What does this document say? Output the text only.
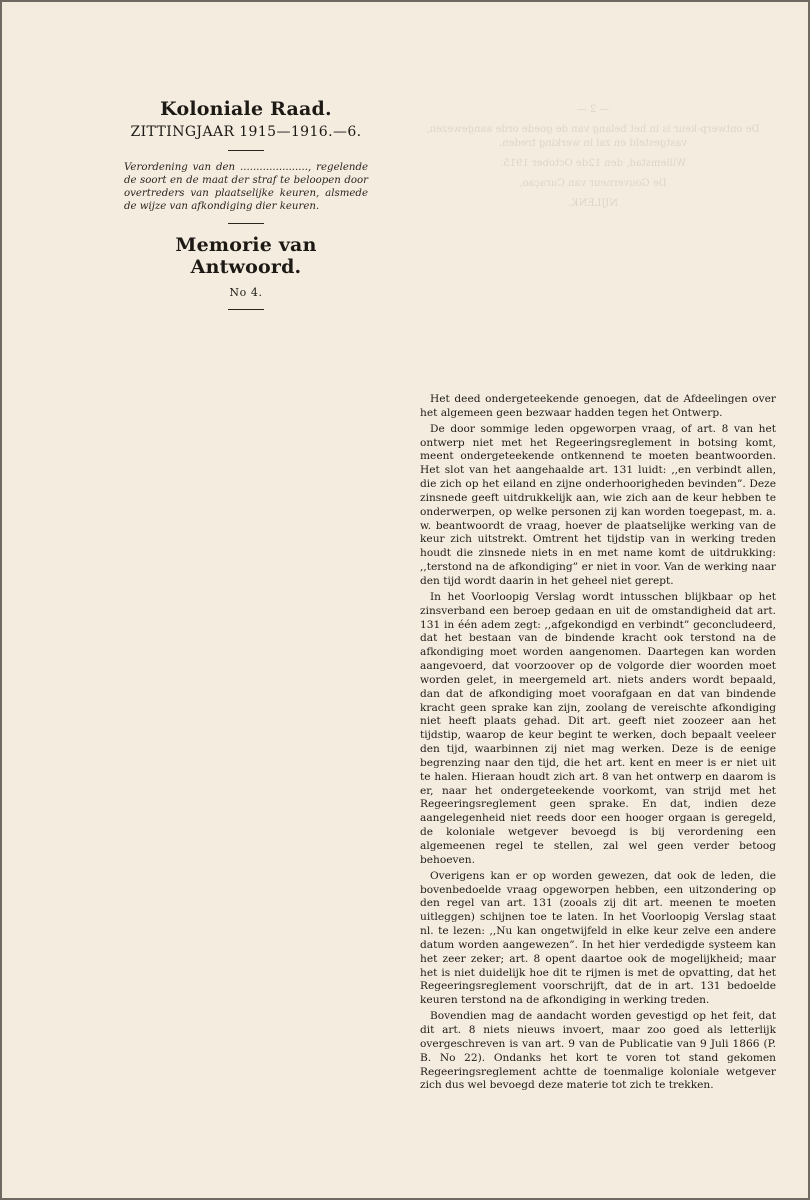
— 2 —

De ontwerp-keur is in het belang van de goede orde aangewezen, vastgesteld en zal in werking treden.

Willemstad, den 12de October 1915.

De Gouverneur van Curaçao,

NIJLENK.

Koloniale Raad.

ZITTINGJAAR 1915—1916.—6.

Verordening van den ....................., regelende de soort en de maat der straf te beloopen door overtreders van plaatselijke keuren, alsmede de wijze van afkondiging dier keuren.

Memorie van Antwoord.

No 4.

Het deed ondergeteekende genoegen, dat de Afdeelingen over het algemeen geen bezwaar hadden tegen het Ontwerp.

De door sommige leden opgeworpen vraag, of art. 8 van het ontwerp niet met het Regeeringsreglement in botsing komt, meent ondergeteekende ontkennend te moeten beantwoorden. Het slot van het aangehaalde art. 131 luidt: ,,en verbindt allen, die zich op het eiland en zijne onderhoorigheden bevinden”. Deze zinsnede geeft uitdrukkelijk aan, wie zich aan de keur hebben te onderwerpen, op welke personen zij kan worden toegepast, m. a. w. beantwoordt de vraag, hoever de plaatselijke werking van de keur zich uitstrekt. Omtrent het tijdstip van in werking treden houdt die zinsnede niets in en met name komt de uitdrukking: ,,terstond na de afkondiging” er niet in voor. Van de werking naar den tijd wordt daarin in het geheel niet gerept.

In het Voorloopig Verslag wordt intusschen blijkbaar op het zinsverband een beroep gedaan en uit de omstandigheid dat art. 131 in één adem zegt: ,,afgekondigd en verbindt” geconcludeerd, dat het bestaan van de bindende kracht ook terstond na de afkondiging moet worden aangenomen. Daartegen kan worden aangevoerd, dat voorzoover op de volgorde dier woorden moet worden gelet, in meergemeld art. niets anders wordt bepaald, dan dat de afkondiging moet voorafgaan en dat van bindende kracht geen sprake kan zijn, zoolang de vereischte afkondiging niet heeft plaats gehad. Dit art. geeft niet zoozeer aan het tijdstip, waarop de keur begint te werken, doch bepaalt veeleer den tijd, waarbinnen zij niet mag werken. Deze is de eenige begrenzing naar den tijd, die het art. kent en meer is er niet uit te halen. Hieraan houdt zich art. 8 van het ontwerp en daarom is er, naar het ondergeteekende voorkomt, van strijd met het Regeeringsreglement geen sprake. En dat, indien deze aangelegenheid niet reeds door een hooger orgaan is geregeld, de koloniale wetgever bevoegd is bij verordening een algemeenen regel te stellen, zal wel geen verder betoog behoeven.

Overigens kan er op worden gewezen, dat ook de leden, die bovenbedoelde vraag opgeworpen hebben, een uitzondering op den regel van art. 131 (zooals zij dit art. meenen te moeten uitleggen) schijnen toe te laten. In het Voorloopig Verslag staat nl. te lezen: ,,Nu kan ongetwijfeld in elke keur zelve een andere datum worden aangewezen”. In het hier verdedigde systeem kan het zeer zeker; art. 8 opent daartoe ook de mogelijkheid; maar het is niet duidelijk hoe dit te rijmen is met de opvatting, dat het Regeeringsreglement voorschrijft, dat de in art. 131 bedoelde keuren terstond na de afkondiging in werking treden.

Bovendien mag de aandacht worden gevestigd op het feit, dat dit art. 8 niets nieuws invoert, maar zoo goed als letterlijk overgeschreven is van art. 9 van de Publicatie van 9 Juli 1866 (P. B. No 22). Ondanks het kort te voren tot stand gekomen Regeeringsreglement achtte de toenmalige koloniale wetgever zich dus wel bevoegd deze materie tot zich te trekken.
